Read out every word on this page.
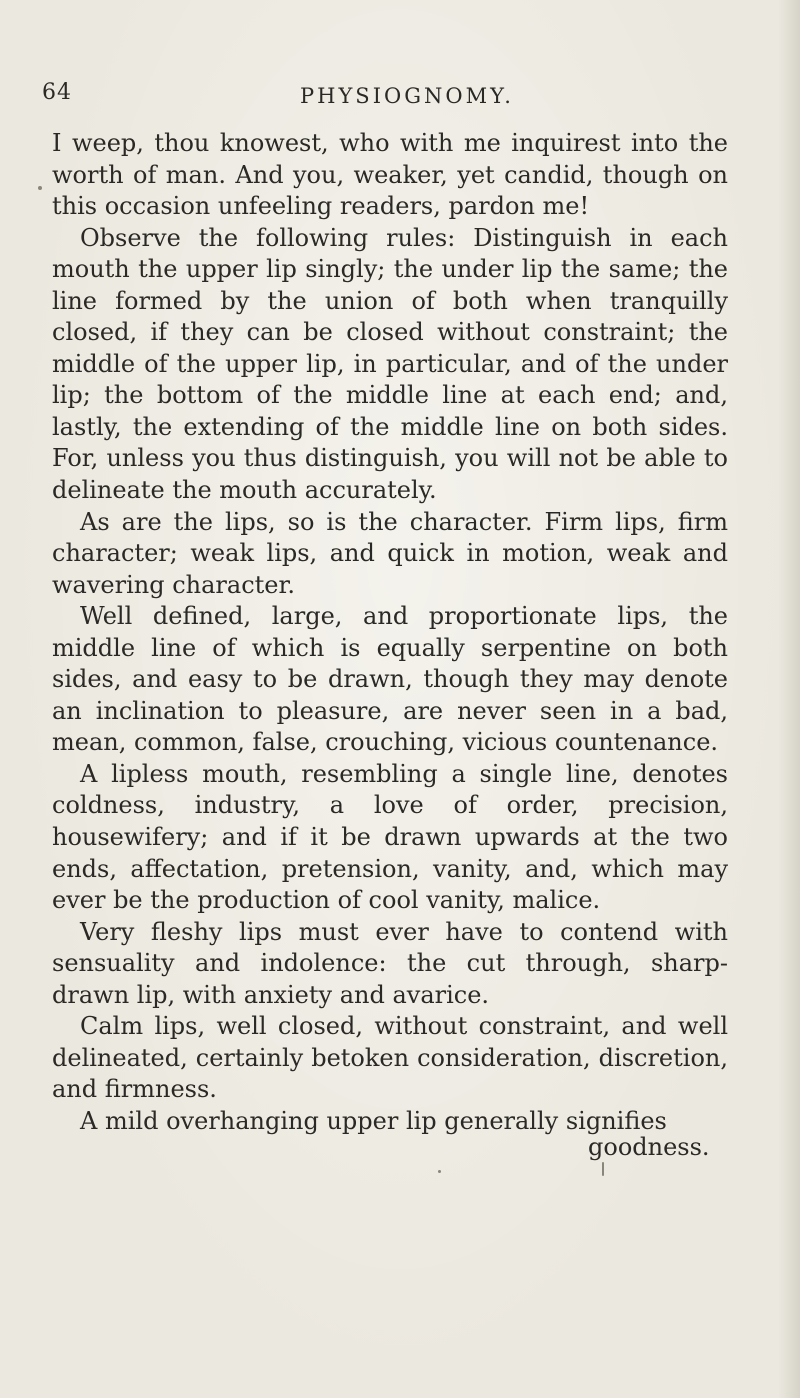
64	PHYSIOGNOMY.

I weep, thou knowest, who with me inquirest into the worth of man. And you, weaker, yet candid, though on this occasion unfeeling readers, pardon me!

Observe the following rules: Distinguish in each mouth the upper lip singly; the under lip the same; the line formed by the union of both when tranquilly closed, if they can be closed without constraint; the middle of the upper lip, in particular, and of the under lip; the bottom of the middle line at each end; and, lastly, the extending of the middle line on both sides. For, unless you thus distinguish, you will not be able to delineate the mouth accurately.

As are the lips, so is the character. Firm lips, firm character; weak lips, and quick in motion, weak and wavering character.

Well defined, large, and proportionate lips, the middle line of which is equally serpentine on both sides, and easy to be drawn, though they may denote an inclination to pleasure, are never seen in a bad, mean, common, false, crouching, vicious countenance.

A lipless mouth, resembling a single line, denotes coldness, industry, a love of order, precision, housewifery; and if it be drawn upwards at the two ends, affectation, pretension, vanity, and, which may ever be the production of cool vanity, malice.

Very fleshy lips must ever have to contend with sensuality and indolence: the cut through, sharp-drawn lip, with anxiety and avarice.

Calm lips, well closed, without constraint, and well delineated, certainly betoken consideration, discretion, and firmness.

A mild overhanging upper lip generally signifies

goodness.
